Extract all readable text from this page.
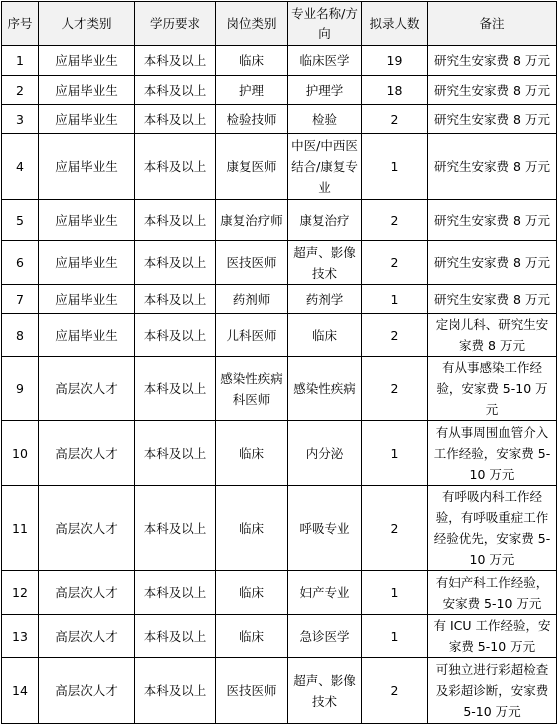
序号	人才类别	学历要求	岗位类别	专业名称/方向	拟录人数	备注
1	应届毕业生	本科及以上	临床	临床医学	19	研究生安家费 8 万元
2	应届毕业生	本科及以上	护理	护理学	18	研究生安家费 8 万元
3	应届毕业生	本科及以上	检验技师	检验	2	研究生安家费 8 万元
4	应届毕业生	本科及以上	康复医师	中医/中西医结合/康复专业	1	研究生安家费 8 万元
5	应届毕业生	本科及以上	康复治疗师	康复治疗	2	研究生安家费 8 万元
6	应届毕业生	本科及以上	医技医师	超声、影像技术	2	研究生安家费 8 万元
7	应届毕业生	本科及以上	药剂师	药剂学	1	研究生安家费 8 万元
8	应届毕业生	本科及以上	儿科医师	临床	2	定岗儿科、研究生安家费 8 万元
9	高层次人才	本科及以上	感染性疾病科医师	感染性疾病	2	有从事感染工作经验，安家费 5-10 万元
10	高层次人才	本科及以上	临床	内分泌	1	有从事周围血管介入工作经验，安家费 5-10 万元
11	高层次人才	本科及以上	临床	呼吸专业	2	有呼吸内科工作经验，有呼吸重症工作经验优先，安家费 5-10 万元
12	高层次人才	本科及以上	临床	妇产专业	1	有妇产科工作经验，安家费 5-10 万元
13	高层次人才	本科及以上	临床	急诊医学	1	有 ICU 工作经验，安家费 5-10 万元
14	高层次人才	本科及以上	医技医师	超声、影像技术	2	可独立进行彩超检查及彩超诊断，安家费 5-10 万元
